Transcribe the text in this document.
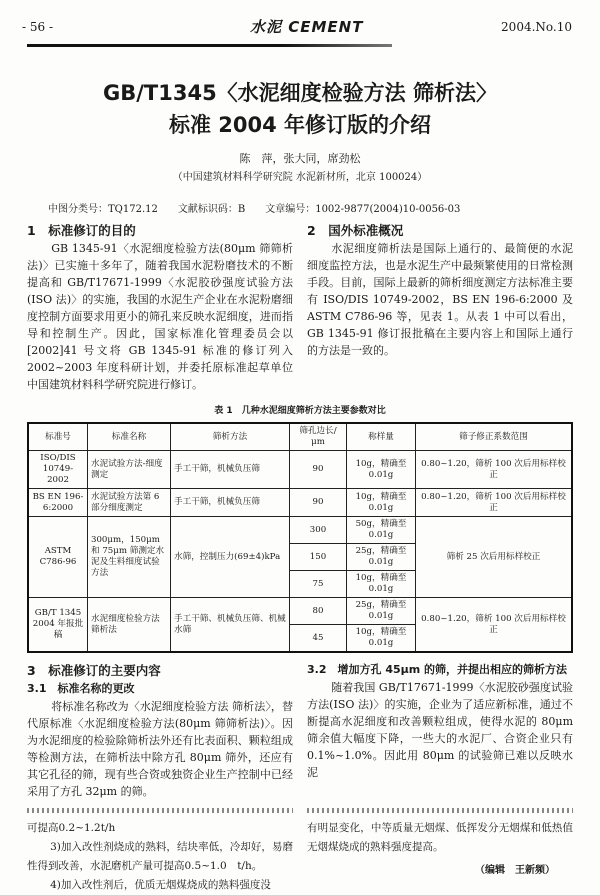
- 56 -	水泥 CEMENT	2004.No.10
GB/T1345〈水泥细度检验方法 筛析法〉
标准 2004 年修订版的介绍
陈　萍，张大同，席劲松
（中国建筑材料科学研究院 水泥新材所，北京 100024）
中图分类号：TQ172.12　　文献标识码：B　　文章编号：1002-9877(2004)10-0056-03
1　标准修订的目的

GB 1345-91〈水泥细度检验方法(80μm 筛筛析法)〉已实施十多年了，随着我国水泥粉磨技术的不断提高和 GB/T17671-1999〈水泥胶砂强度试验方法(ISO 法)〉的实施，我国的水泥生产企业在水泥粉磨细度控制方面要求用更小的筛孔来反映水泥细度，进而指导和控制生产。因此，国家标准化管理委员会以[2002]41 号文将 GB 1345-91 标准的修订列入 2002~2003 年度科研计划，并委托原标准起草单位中国建筑材料科学研究院进行修订。

2　国外标准概况

水泥细度筛析法是国际上通行的、最简便的水泥细度监控方法，也是水泥生产中最频繁使用的日常检测手段。目前，国际上最新的筛析细度测定方法标准主要有 ISO/DIS 10749-2002，BS EN 196-6:2000 及 ASTM C786-96 等，见表 1。从表 1 中可以看出，GB 1345-91 修订报批稿在主要内容上和国际上通行的方法是一致的。

表 1　几种水泥细度筛析方法主要参数对比
标准号	标准名称	筛析方法	筛孔边长/μm	称样量	筛子修正系数范围
ISO/DIS 10749-2002	水泥试验方法-细度测定	手工干筛，机械负压筛	90	10g，精确至 0.01g	0.80~1.20，筛析 100 次后用标样校正
BS EN 196-6:2000	水泥试验方法第 6 部分细度测定	手工干筛，机械负压筛	90	10g，精确至 0.01g	0.80~1.20，筛析 100 次后用标样校正
ASTM C786-96	300μm，150μm 和 75μm 筛测定水泥及生料细度试验方法	水筛，控制压力(69±4)kPa	300	50g，精确至 0.01g	筛析 25 次后用标样校正
			150	25g，精确至 0.01g	
			75	10g，精确至 0.01g	
GB/T 1345 2004 年报批稿	水泥细度检验方法 筛析法	手工干筛、机械负压筛、机械水筛	80	25g，精确至 0.01g	0.80~1.20，筛析 100 次后用标样校正
			45	10g，精确至 0.01g	
3　标准修订的主要内容
3.1　标准名称的更改

将标准名称改为〈水泥细度检验方法 筛析法〉，替代原标准〈水泥细度检验方法(80μm 筛筛析法)〉。因为水泥细度的检验除筛析法外还有比表面积、颗粒组成等检测方法，在筛析法中除方孔 80μm 筛外，还应有其它孔径的筛，现有些合资或独资企业生产控制中已经采用了方孔 32μm 的筛。

3.2　增加方孔 45μm 的筛，并提出相应的筛析方法

随着我国 GB/T17671-1999〈水泥胶砂强度试验方法(ISO 法)〉的实施，企业为了适应新标准，通过不断提高水泥细度和改善颗粒组成，使得水泥的 80μm 筛余值大幅度下降，一些大的水泥厂、合资企业只有 0.1%~1.0%。因此用 80μm 的试验筛已难以反映水泥

可提高0.2~1.2t/h

3)加入改性剂烧成的熟料，结块率低，冷却好，易磨性得到改善，水泥磨机产量可提高0.5~1.0　t/h。

4)加入改性剂后，优质无烟煤烧成的熟料强度没

有明显变化，中等质量无烟煤、低挥发分无烟煤和低热值无烟煤烧成的熟料强度提高。
（编辑　王新频）
